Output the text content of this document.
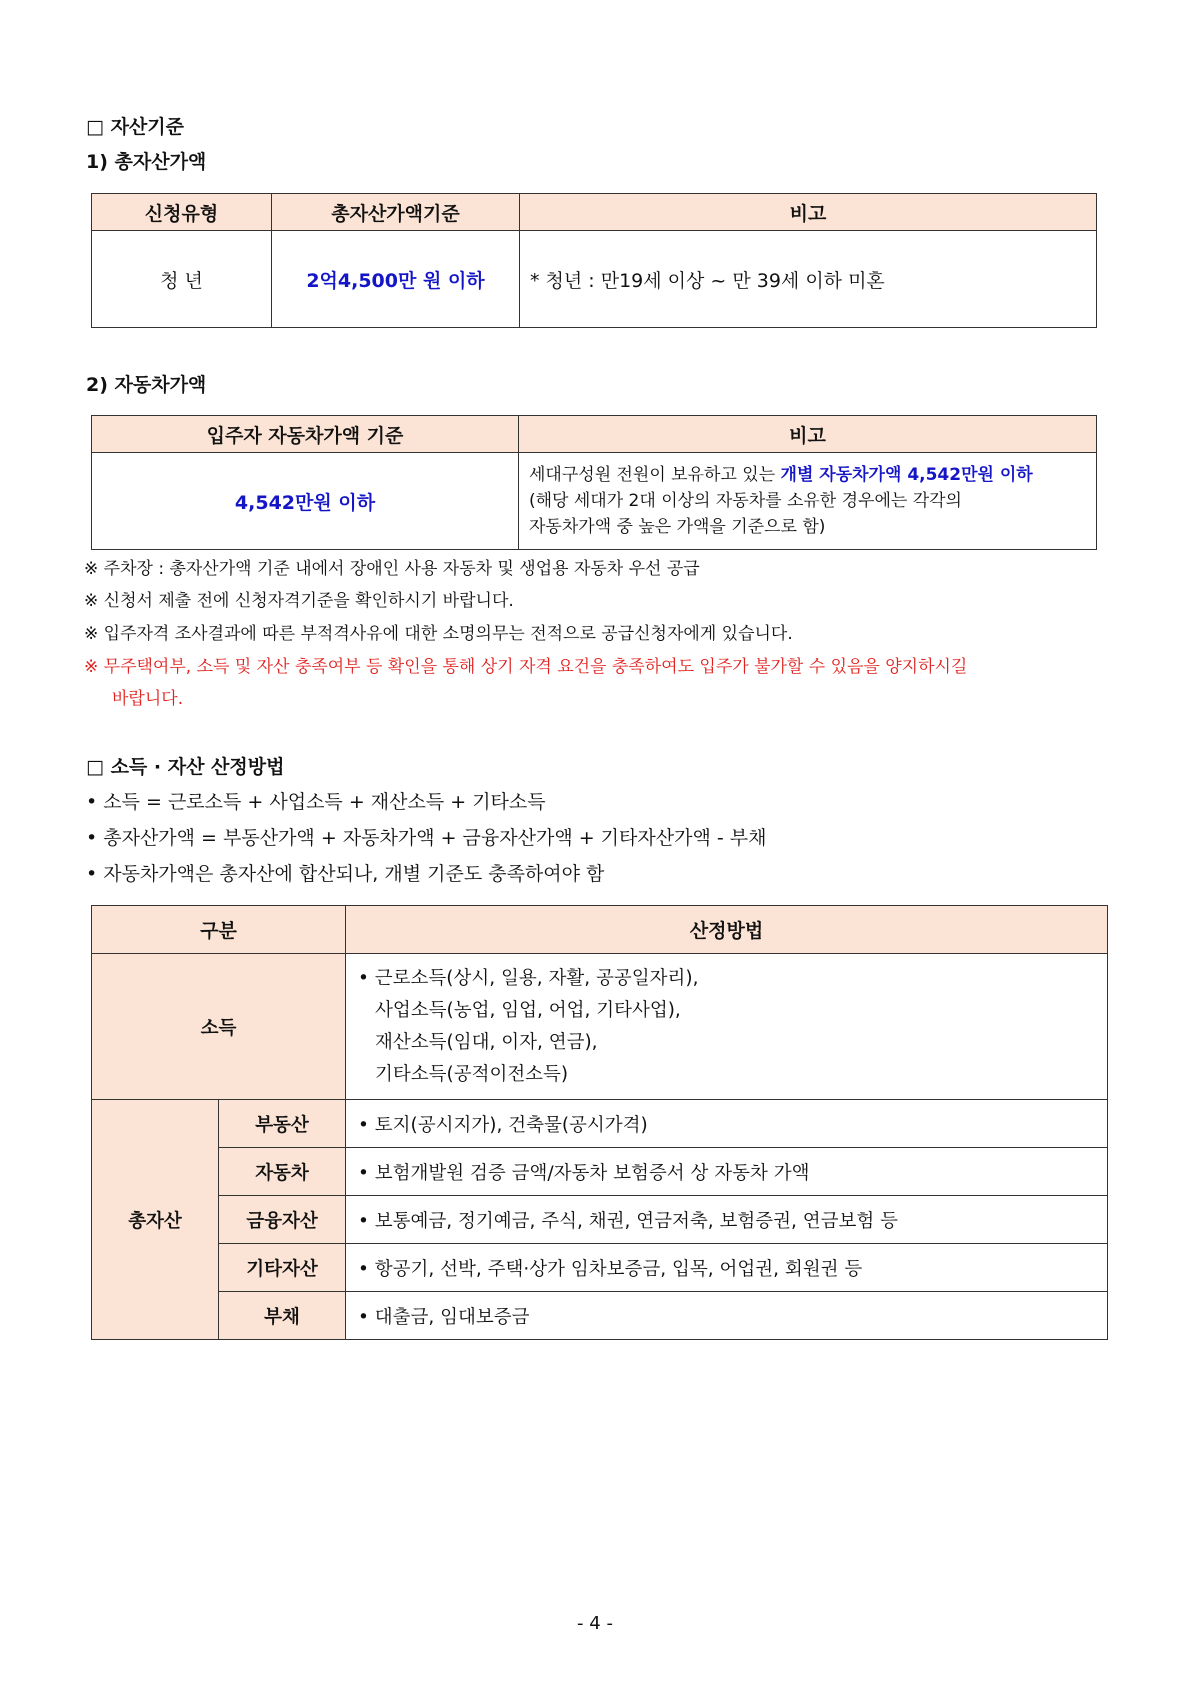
□ 자산기준
1) 총자산가액
신청유형	총자산가액기준	비고
청 년	2억4,500만 원 이하	* 청년 : 만19세 이상 ~ 만 39세 이하 미혼
2) 자동차가액
입주자 자동차가액 기준	비고
4,542만원 이하	세대구성원 전원이 보유하고 있는 개별 자동차가액 4,542만원 이하
(해당 세대가 2대 이상의 자동차를 소유한 경우에는 각각의
자동차가액 중 높은 가액을 기준으로 함)
※ 주차장 : 총자산가액 기준 내에서 장애인 사용 자동차 및 생업용 자동차 우선 공급
※ 신청서 제출 전에 신청자격기준을 확인하시기 바랍니다.
※ 입주자격 조사결과에 따른 부적격사유에 대한 소명의무는 전적으로 공급신청자에게 있습니다.
※ 무주택여부, 소득 및 자산 충족여부 등 확인을 통해 상기 자격 요건을 충족하여도 입주가 불가할 수 있음을 양지하시길
바랍니다.
□ 소득 · 자산 산정방법
• 소득 = 근로소득 + 사업소득 + 재산소득 + 기타소득
• 총자산가액 = 부동산가액 + 자동차가액 + 금융자산가액 + 기타자산가액 - 부채
• 자동차가액은 총자산에 합산되나, 개별 기준도 충족하여야 함
구분		산정방법
소득		• 근로소득(상시, 일용, 자활, 공공일자리),
사업소득(농업, 임업, 어업, 기타사업),
재산소득(임대, 이자, 연금),
기타소득(공적이전소득)

총자산	부동산	• 토지(공시지가), 건축물(공시가격)
	자동차	• 보험개발원 검증 금액/자동차 보험증서 상 자동차 가액
	금융자산	• 보통예금, 정기예금, 주식, 채권, 연금저축, 보험증권, 연금보험 등
	기타자산	• 항공기, 선박, 주택·상가 임차보증금, 입목, 어업권, 회원권 등
	부채	• 대출금, 임대보증금
- 4 -
